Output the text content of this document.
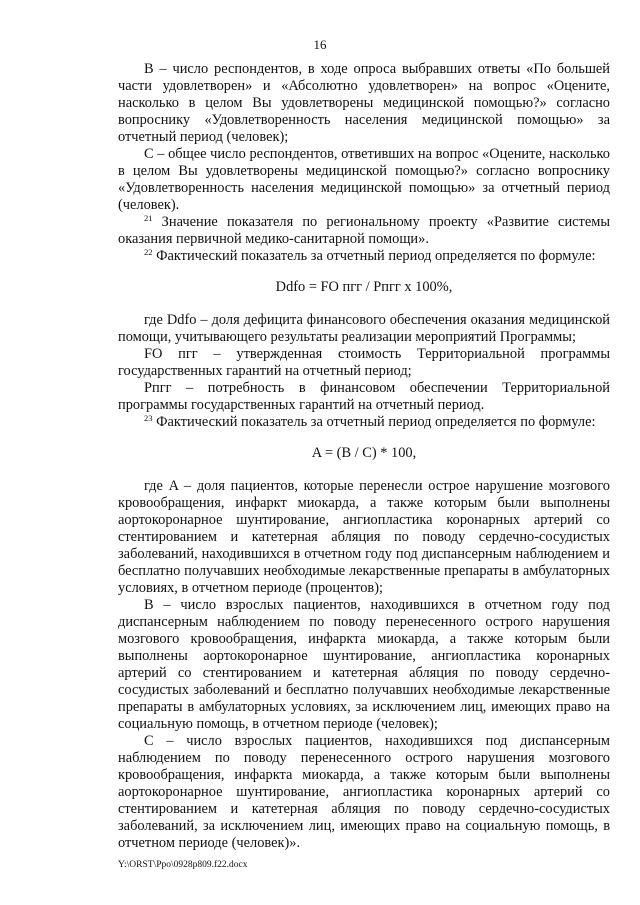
16

B – число респондентов, в ходе опроса выбравших ответы «По большей части удовлетворен» и «Абсолютно удовлетворен» на вопрос «Оцените, насколько в целом Вы удовлетворены медицинской помощью?» согласно вопроснику «Удовлетворенность населения медицинской помощью» за отчетный период (человек);

C – общее число респондентов, ответивших на вопрос «Оцените, насколько в целом Вы удовлетворены медицинской помощью?» согласно вопроснику «Удовлетворенность населения медицинской помощью» за отчетный период (человек).

$^{21}$ Значение показателя по региональному проекту «Развитие системы оказания первичной медико-санитарной помощи».

$^{22}$ Фактический показатель за отчетный период определяется по формуле:

Ddfo = FO пгг / Рпгг x 100%,

где Ddfo – доля дефицита финансового обеспечения оказания медицинской помощи, учитывающего результаты реализации мероприятий Программы;

FO пгг – утвержденная стоимость Территориальной программы государственных гарантий на отчетный период;

Рпгг – потребность в финансовом обеспечении Территориальной программы государственных гарантий на отчетный период.

$^{23}$ Фактический показатель за отчетный период определяется по формуле:

A = (B / C) * 100,

где A – доля пациентов, которые перенесли острое нарушение мозгового кровообращения, инфаркт миокарда, а также которым были выполнены аортокоронарное шунтирование, ангиопластика коронарных артерий со стентированием и катетерная абляция по поводу сердечно-сосудистых заболеваний, находившихся в отчетном году под диспансерным наблюдением и бесплатно получавших необходимые лекарственные препараты в амбулаторных условиях, в отчетном периоде (процентов);

B – число взрослых пациентов, находившихся в отчетном году под диспансерным наблюдением по поводу перенесенного острого нарушения мозгового кровообращения, инфаркта миокарда, а также которым были выполнены аортокоронарное шунтирование, ангиопластика коронарных артерий со стентированием и катетерная абляция по поводу сердечно-сосудистых заболеваний и бесплатно получавших необходимые лекарственные препараты в амбулаторных условиях, за исключением лиц, имеющих право на социальную помощь, в отчетном периоде (человек);

C – число взрослых пациентов, находившихся под диспансерным наблюдением по поводу перенесенного острого нарушения мозгового кровообращения, инфаркта миокарда, а также которым были выполнены аортокоронарное шунтирование, ангиопластика коронарных артерий со стентированием и катетерная абляция по поводу сердечно-сосудистых заболеваний, за исключением лиц, имеющих право на социальную помощь, в отчетном периоде (человек)».

Y:\ORST\Ppo\0928p809.f22.docx
